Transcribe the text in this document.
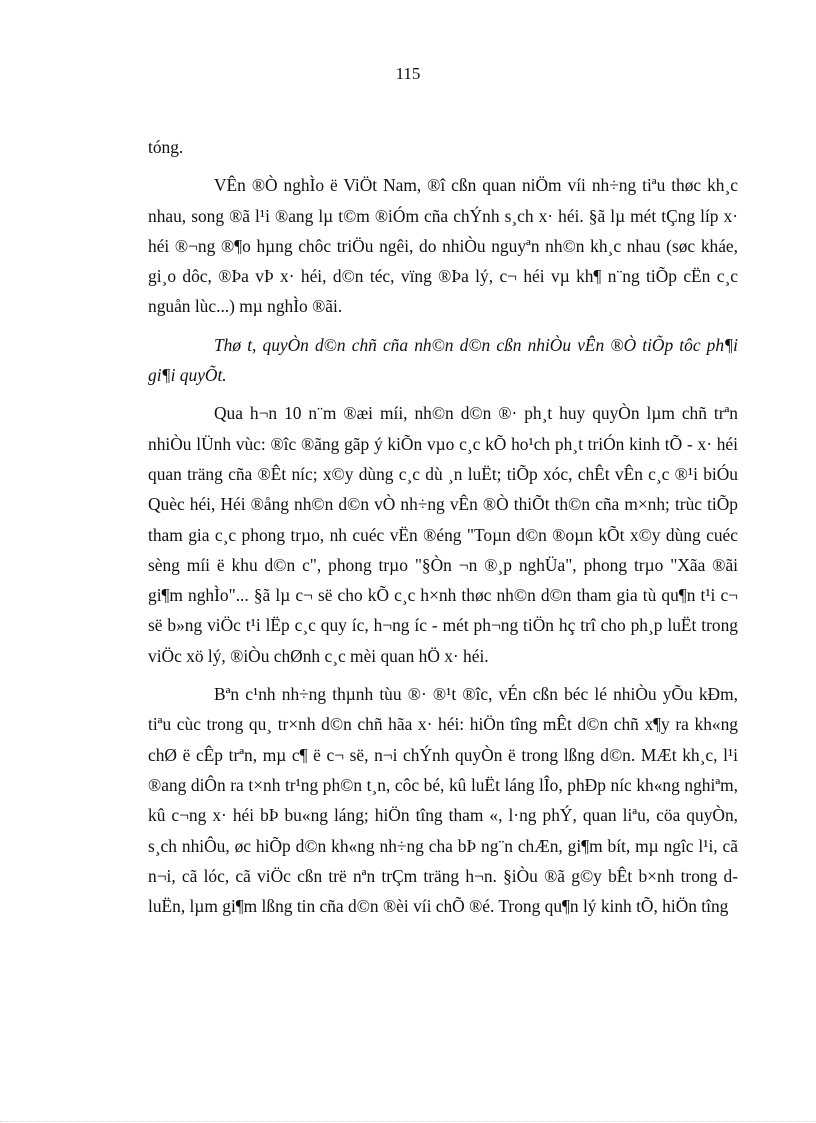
115

tóng.

VÊn ®Ò nghÌo ë ViÖt Nam, ®î cßn quan niÖm víi nh÷ng tiªu thøc kh¸c nhau, song ®ã l¹i ®ang lµ t©m ®iÓm cña chÝnh s¸ch x· héi. §ã lµ mét tÇng líp x· héi ®¬ng ®¶o hµng chôc triÖu ngêi, do nhiÒu nguyªn nh©n kh¸c nhau (søc kháe, gi¸o dôc, ®Þa vÞ x· héi, d©n téc, vïng ®Þa lý, c¬ héi vµ kh¶ n¨ng tiÕp cËn c¸c nguån lùc...) mµ nghÌo ®ãi.

Thø t, quyÒn d©n chñ cña nh©n d©n cßn nhiÒu vÊn ®Ò tiÕp tôc ph¶i gi¶i quyÕt.

Qua h¬n 10 n¨m ®æi míi, nh©n d©n ®· ph¸t huy quyÒn lµm chñ trªn nhiÒu lÜnh vùc: ®îc ®ãng gãp ý kiÕn vµo c¸c kÕ ho¹ch ph¸t triÓn kinh tÕ - x· héi quan träng cña ®Êt níc; x©y dùng c¸c dù ¸n luËt; tiÕp xóc, chÊt vÊn c¸c ®¹i biÓu Quèc héi, Héi ®ång nh©n d©n vÒ nh÷ng vÊn ®Ò thiÕt th©n cña m×nh; trùc tiÕp tham gia c¸c phong trµo, nh cuéc vËn ®éng "Toµn d©n ®oµn kÕt x©y dùng cuéc sèng míi ë khu d©n c", phong trµo "§Òn ¬n ®¸p nghÜa", phong trµo "Xãa ®ãi gi¶m nghÌo"... §ã lµ c¬ së cho kÕ c¸c h×nh thøc nh©n d©n tham gia tù qu¶n t¹i c¬ së b»ng viÖc t¹i lËp c¸c quy íc, h¬ng íc - mét ph¬ng tiÖn hç trî cho ph¸p luËt trong viÖc xö lý, ®iÒu chØnh c¸c mèi quan hÖ x· héi.

Bªn c¹nh nh÷ng thµnh tùu ®· ®¹t ®îc, vÉn cßn béc lé nhiÒu yÕu kÐm, tiªu cùc trong qu¸ tr×nh d©n chñ hãa x· héi: hiÖn tîng mÊt d©n chñ x¶y ra kh«ng chØ ë cÊp trªn, mµ c¶ ë c¬ së, n¬i chÝnh quyÒn ë trong lßng d©n. MÆt kh¸c, l¹i ®ang diÔn ra t×nh tr¹ng ph©n t¸n, côc bé, kû luËt láng lÎo, phÐp níc kh«ng nghiªm, kû c¬ng x· héi bÞ bu«ng láng; hiÖn tîng tham «, l·ng phÝ, quan liªu, cöa quyÒn, s¸ch nhiÔu, øc hiÕp d©n kh«ng nh÷ng cha bÞ ng¨n chÆn, gi¶m bít, mµ ngîc l¹i, cã n¬i, cã lóc, cã viÖc cßn trë nªn trÇm träng h¬n. §iÒu ®ã g©y bÊt b×nh trong d luËn, lµm gi¶m lßng tin cña d©n ®èi víi chÕ ®é. Trong qu¶n lý kinh tÕ, hiÖn tîng
